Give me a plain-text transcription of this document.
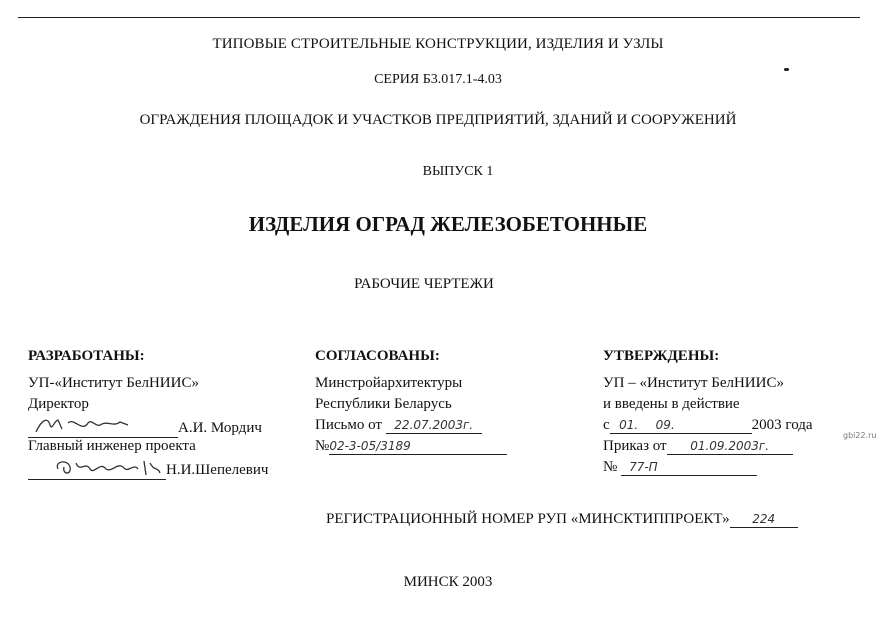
ТИПОВЫЕ СТРОИТЕЛЬНЫЕ КОНСТРУКЦИИ, ИЗДЕЛИЯ И УЗЛЫ
СЕРИЯ Б3.017.1-4.03
ОГРАЖДЕНИЯ ПЛОЩАДОК И УЧАСТКОВ ПРЕДПРИЯТИЙ, ЗДАНИЙ И СООРУЖЕНИЙ
ВЫПУСК 1
ИЗДЕЛИЯ ОГРАД ЖЕЛЕЗОБЕТОННЫЕ
РАБОЧИЕ ЧЕРТЕЖИ
РАЗРАБОТАНЫ:
УП-«Институт БелНИИС»
Директор
А.И. Мордич
Главный инженер проекта
Н.И.Шепелевич
СОГЛАСОВАНЫ:
Минстройархитектуры
Республики Беларусь
Письмо от 22.07.2003г.
№02-3-05/3189
УТВЕРЖДЕНЫ:
УП – «Институт БелНИИС»
и введены в действие
с 01. 09.	2003 года
Приказ от 01.09.2003г.
№ 77-П
РЕГИСТРАЦИОННЫЙ НОМЕР РУП «МИНСКТИППРОЕКТ» 224
МИНСК 2003
gbi22.ru
